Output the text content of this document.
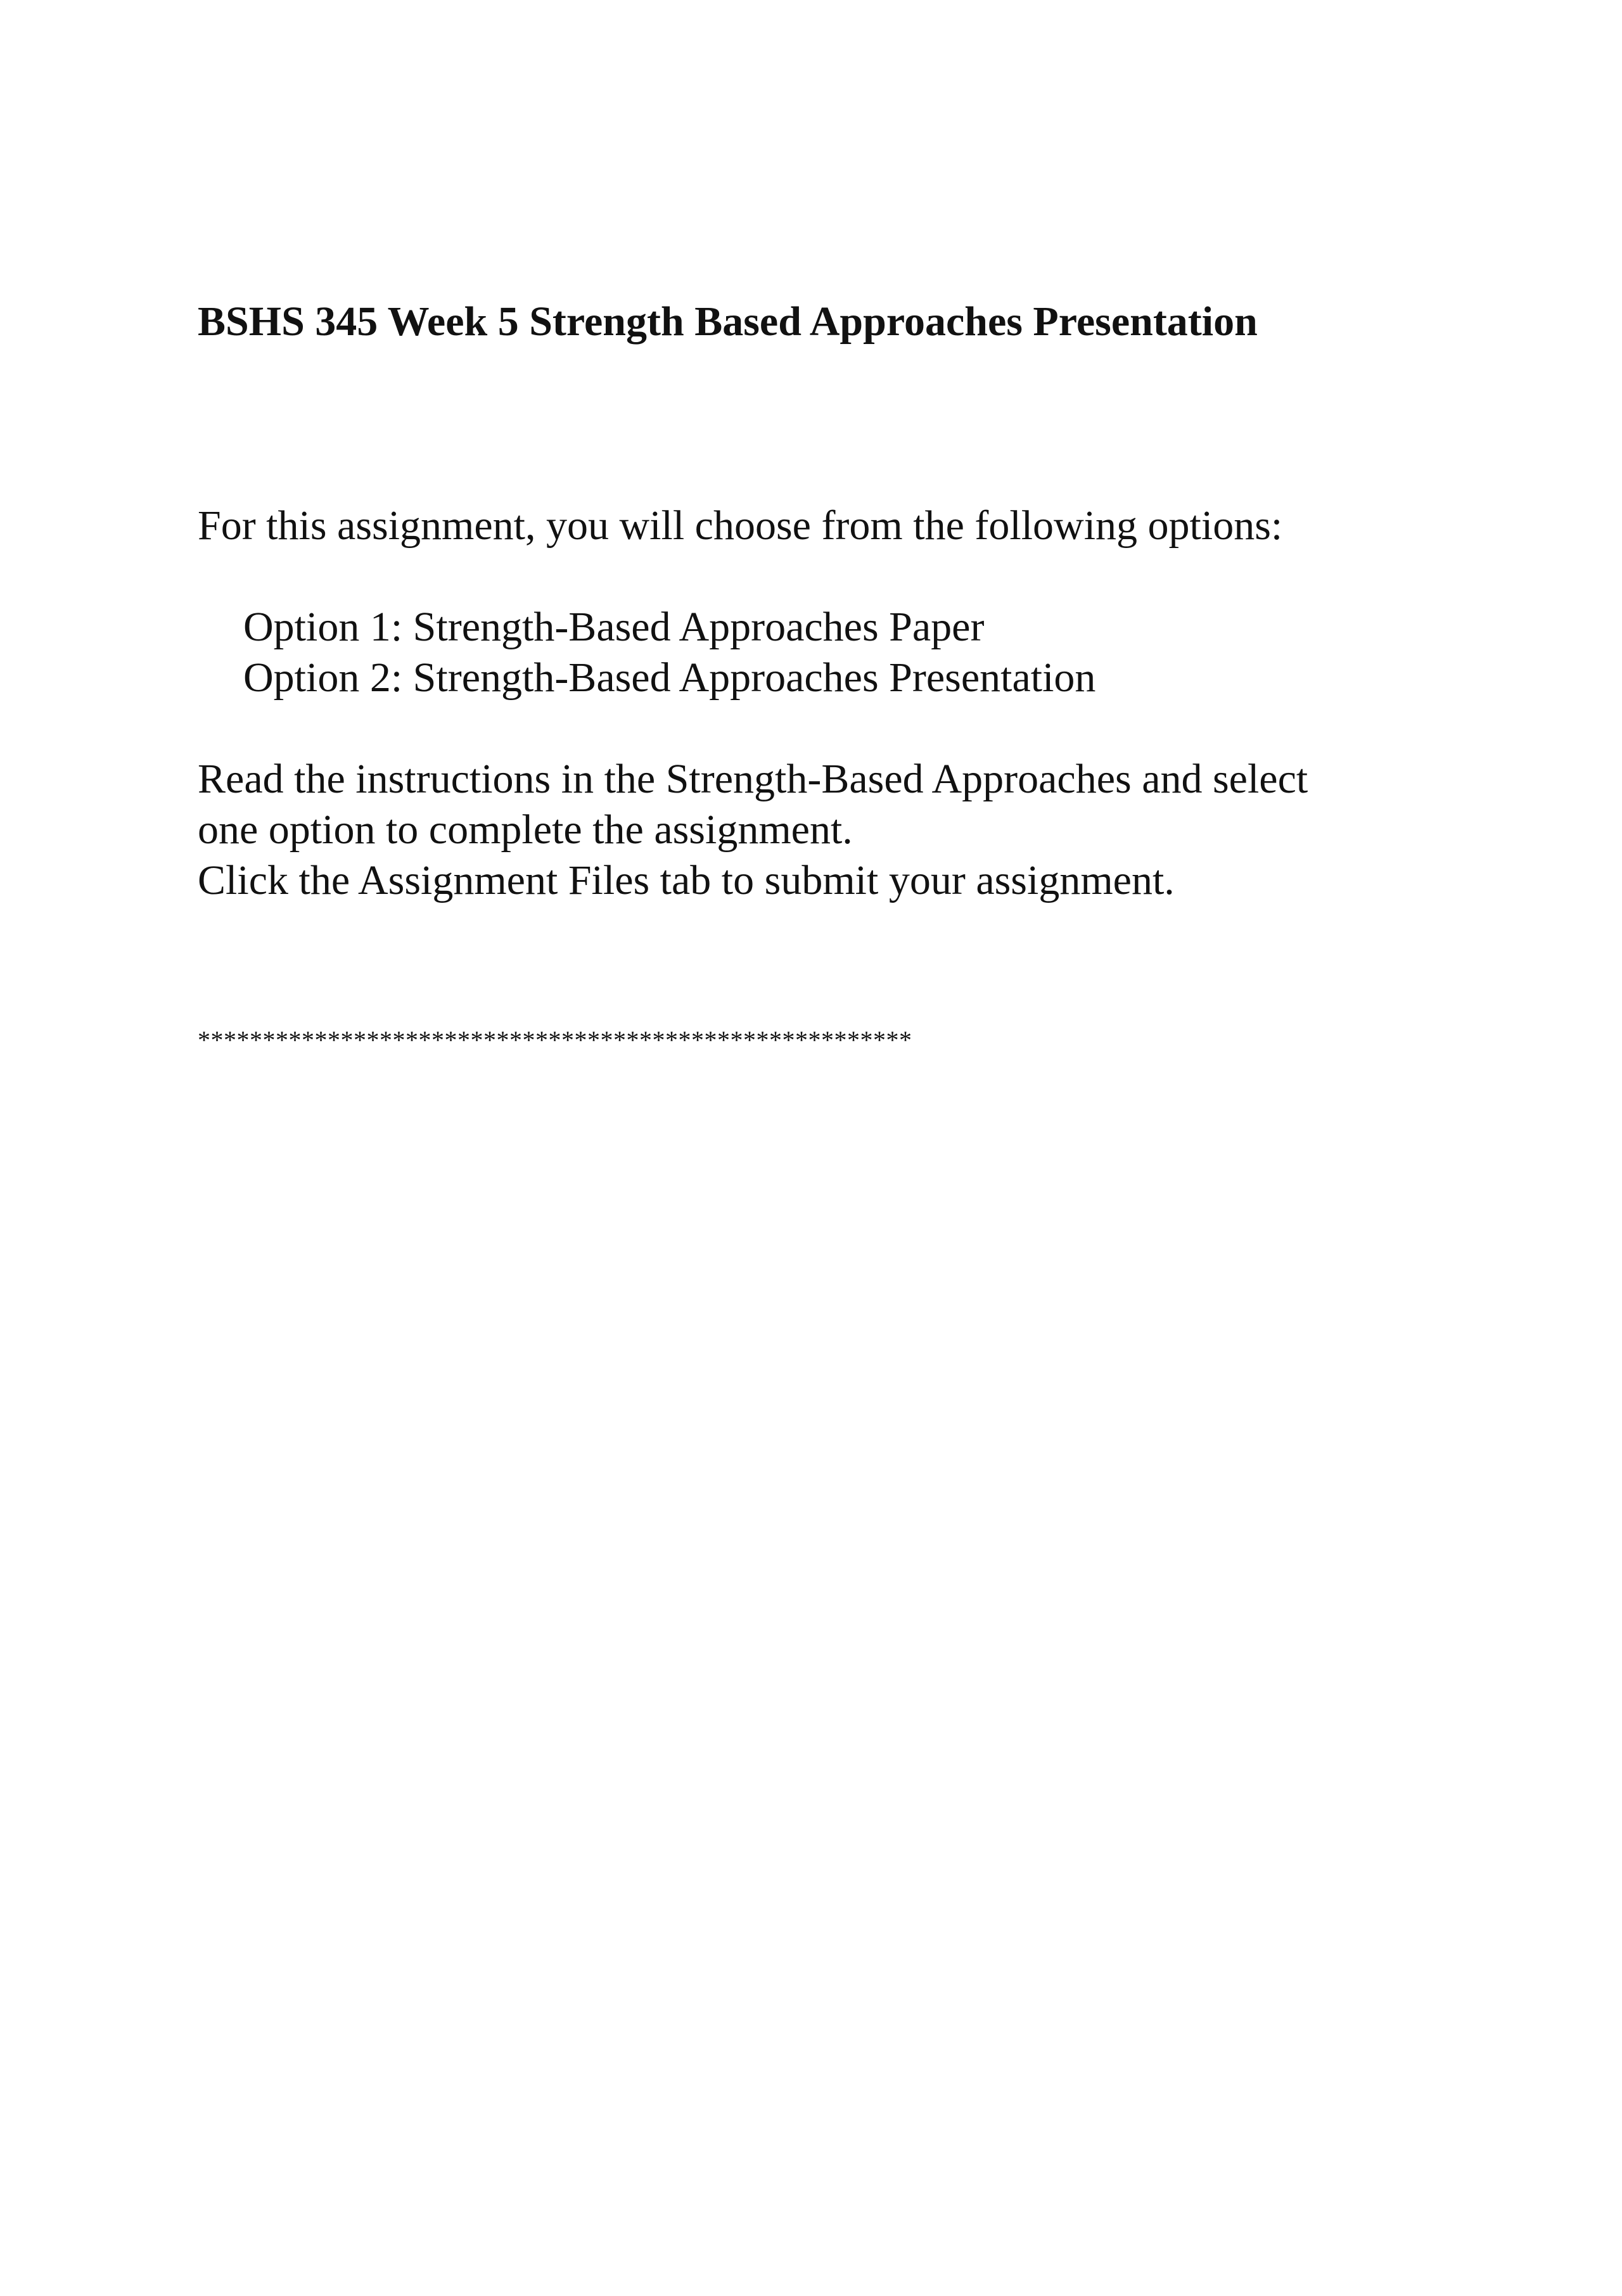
BSHS 345 Week 5 Strength Based Approaches Presentation

For this assignment, you will choose from the following options:

Option 1: Strength-Based Approaches Paper
Option 2: Strength-Based Approaches Presentation
Read the instructions in the Strength-Based Approaches and select
one option to complete the assignment.
Click the Assignment Files tab to submit your assignment.

*******************************************************
